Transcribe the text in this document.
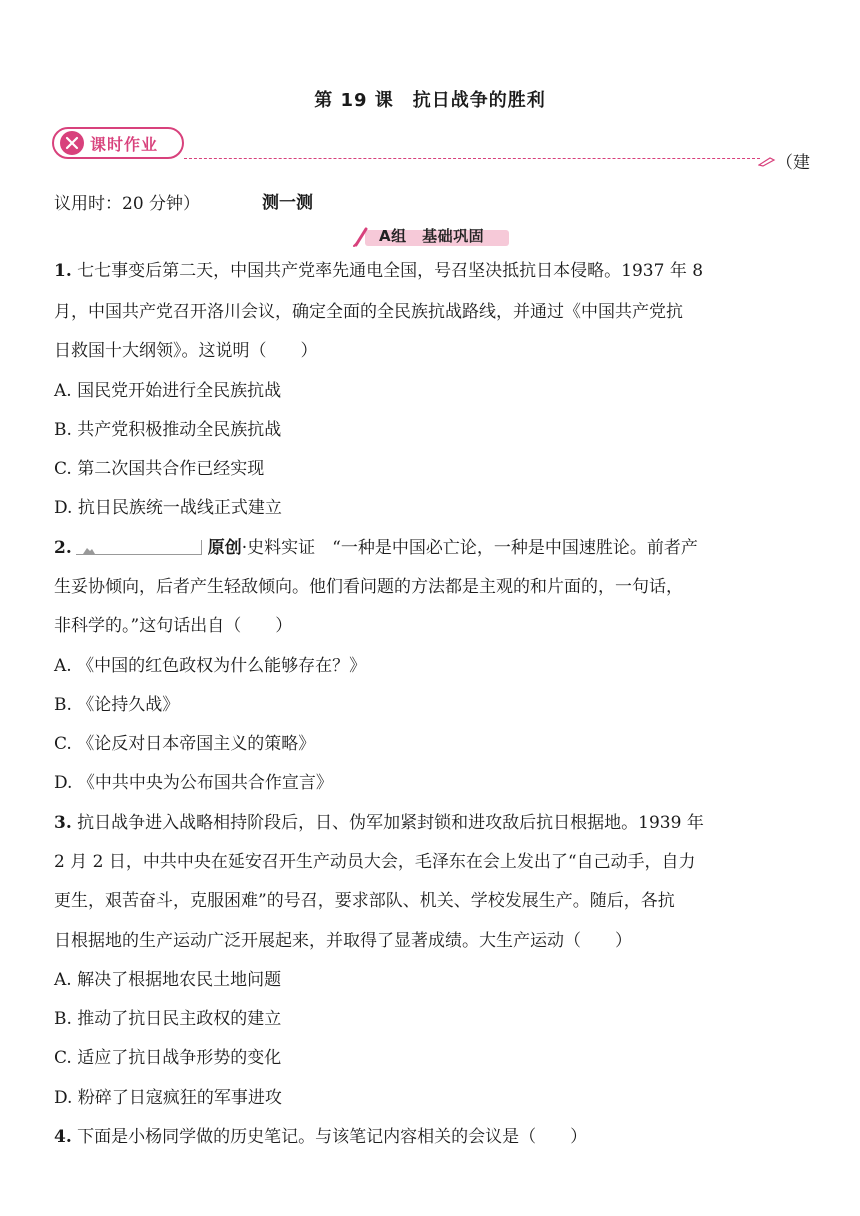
第 19 课　抗日战争的胜利
课时作业
（建
议用时：20 分钟）	测一测
A组　基础巩固
1. 七七事变后第二天，中国共产党率先通电全国，号召坚决抵抗日本侵略。1937 年 8
月，中国共产党召开洛川会议，确定全面的全民族抗战路线，并通过《中国共产党抗
日救国十大纲领》。这说明（　　）
A. 国民党开始进行全民族抗战
B. 共产党积极推动全民族抗战
C. 第二次国共合作已经实现
D. 抗日民族统一战线正式建立
2.	原创·史料实证  “一种是中国必亡论，一种是中国速胜论。前者产
生妥协倾向，后者产生轻敌倾向。他们看问题的方法都是主观的和片面的，一句话，
非科学的。”这句话出自（　　）
A. 《中国的红色政权为什么能够存在？》
B. 《论持久战》
C. 《论反对日本帝国主义的策略》
D. 《中共中央为公布国共合作宣言》
3. 抗日战争进入战略相持阶段后，日、伪军加紧封锁和进攻敌后抗日根据地。1939 年
2 月 2 日，中共中央在延安召开生产动员大会，毛泽东在会上发出了“自己动手，自力
更生，艰苦奋斗，克服困难”的号召，要求部队、机关、学校发展生产。随后，各抗
日根据地的生产运动广泛开展起来，并取得了显著成绩。大生产运动（　　）
A. 解决了根据地农民土地问题
B. 推动了抗日民主政权的建立
C. 适应了抗日战争形势的变化
D. 粉碎了日寇疯狂的军事进攻
4. 下面是小杨同学做的历史笔记。与该笔记内容相关的会议是（　　）
